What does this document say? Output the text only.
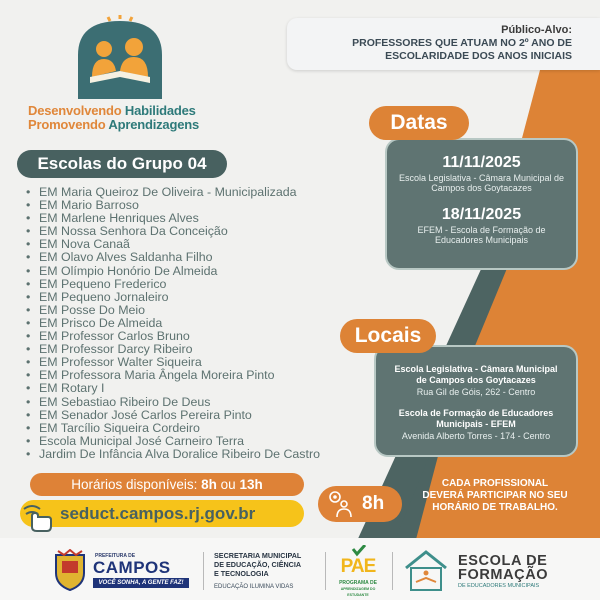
Desenvolvendo Habilidades
Promovendo Aprendizagens
Público-Alvo:
PROFESSORES QUE ATUAM NO 2º ANO DE
ESCOLARIDADE DOS ANOS INICIAIS
Escolas do Grupo 04
• EM Maria Queiroz De Oliveira - Municipalizada
• EM Mario Barroso
• EM Marlene Henriques Alves
• EM Nossa Senhora Da Conceição
• EM Nova Canaã
• EM Olavo Alves Saldanha Filho
• EM Olímpio Honório De Almeida
• EM Pequeno Frederico
• EM Pequeno Jornaleiro
• EM Posse Do Meio
• EM Prisco De Almeida
• EM Professor Carlos Bruno
• EM Professor Darcy Ribeiro
• EM Professor Walter Siqueira
• EM Professora Maria Ângela Moreira Pinto
• EM Rotary I
• EM Sebastiao Ribeiro De Deus
• EM Senador José Carlos Pereira Pinto
• EM Tarcílio Siqueira Cordeiro
• Escola Municipal José Carneiro Terra
• Jardim De Infância Alva Doralice Ribeiro De Castro
Horários disponíveis: 8h ou 13h
seduct.campos.rj.gov.br
11/11/2025
Escola Legislativa - Câmara Municipal de
Campos dos Goytacazes
18/11/2025
EFEM - Escola de Formação de
Educadores Municipais
Datas
Escola Legislativa - Câmara Municipal
de Campos dos Goytacazes
Rua Gil de Góis, 262 - Centro
Escola de Formação de Educadores
Municipais - EFEM
Avenida Alberto Torres - 174 - Centro
Locais
8h
CADA PROFISSIONAL
DEVERÁ PARTICIPAR NO SEU
HORÁRIO DE TRABALHO.
PREFEITURA DE
CAMPOS
VOCÊ SONHA, A GENTE FAZ!
SECRETARIA MUNICIPAL
DE EDUCAÇÃO, CIÊNCIA
E TECNOLOGIA
EDUCAÇÃO ILUMINA VIDAS
PAE
PROGRAMA DE
APRENDIZAGEM DO ESTUDANTE
ESCOLA DE
FORMAÇÃO
DE EDUCADORES MUNICIPAIS
